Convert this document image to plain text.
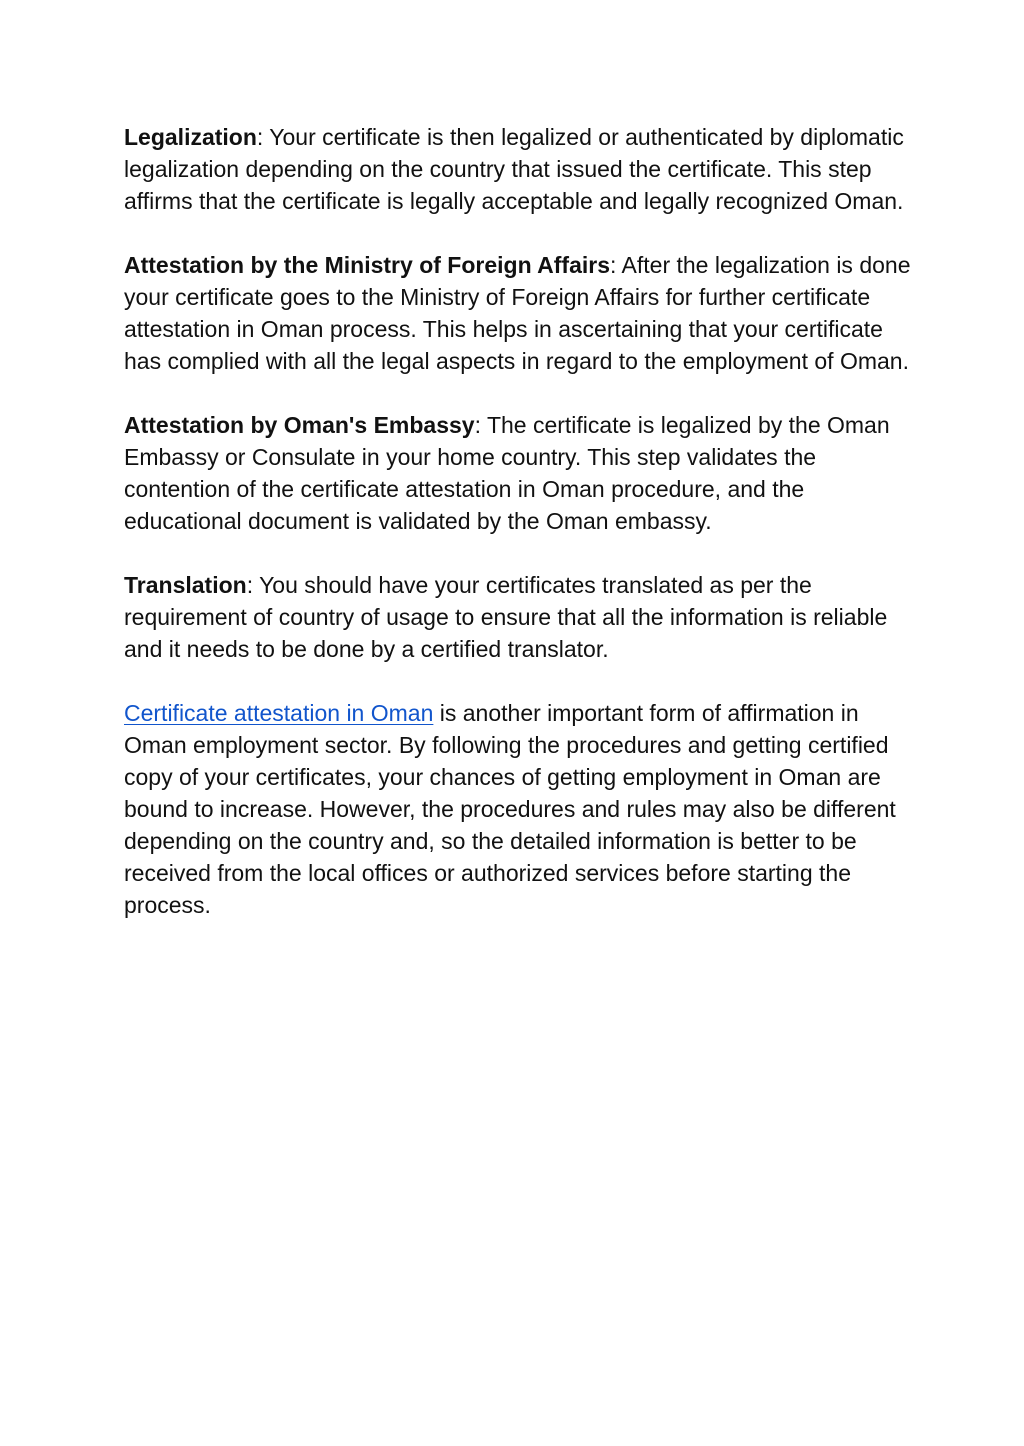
Legalization: Your certificate is then legalized or authenticated by diplomatic legalization depending on the country that issued the certificate. This step affirms that the certificate is legally acceptable and legally recognized Oman.

Attestation by the Ministry of Foreign Affairs: After the legalization is done your certificate goes to the Ministry of Foreign Affairs for further certificate attestation in Oman process. This helps in ascertaining that your certificate has complied with all the legal aspects in regard to the employment of Oman.

Attestation by Oman's Embassy: The certificate is legalized by the Oman Embassy or Consulate in your home country. This step validates the contention of the certificate attestation in Oman procedure, and the educational document is validated by the Oman embassy.

Translation: You should have your certificates translated as per the requirement of country of usage to ensure that all the information is reliable and it needs to be done by a certified translator.

Certificate attestation in Oman is another important form of affirmation in Oman employment sector. By following the procedures and getting certified copy of your certificates, your chances of getting employment in Oman are bound to increase. However, the procedures and rules may also be different depending on the country and, so the detailed information is better to be received from the local offices or authorized services before starting the process.
